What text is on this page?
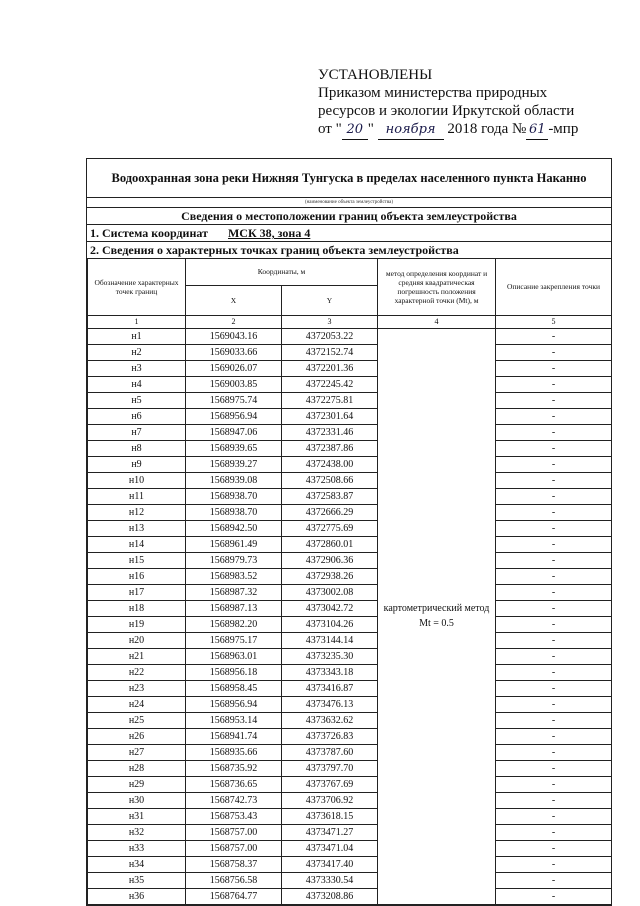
УСТАНОВЛЕНЫ
Приказом министерства природных
ресурсов и экологии Иркутской области
от " 20 " ноября 2018 года № 61 -мпр
Водоохранная зона реки Нижняя Тунгуска в пределах населенного пункта Наканно
(наименование объекта землеустройства)
Сведения о местоположении границ объекта землеустройства
1. Система координат МСК 38, зона 4
2. Сведения о характерных точках границ объекта землеустройства
Обозначение характерных точек границ	Координаты, м		метод определения координат и средняя квадратическая погрешность положения характерной точки (Mt), м	Описание закрепления точки
	X	Y		
1	2	3	4	5
н1	1569043.16	4372053.22	картометрический метод Mt = 0.5	-
н2	1569033.66	4372152.74		-
н3	1569026.07	4372201.36		-
н4	1569003.85	4372245.42		-
н5	1568975.74	4372275.81		-
н6	1568956.94	4372301.64		-
н7	1568947.06	4372331.46		-
н8	1568939.65	4372387.86		-
н9	1568939.27	4372438.00		-
н10	1568939.08	4372508.66		-
н11	1568938.70	4372583.87		-
н12	1568938.70	4372666.29		-
н13	1568942.50	4372775.69		-
н14	1568961.49	4372860.01		-
н15	1568979.73	4372906.36		-
н16	1568983.52	4372938.26		-
н17	1568987.32	4373002.08		-
н18	1568987.13	4373042.72		-
н19	1568982.20	4373104.26		-
н20	1568975.17	4373144.14		-
н21	1568963.01	4373235.30		-
н22	1568956.18	4373343.18		-
н23	1568958.45	4373416.87		-
н24	1568956.94	4373476.13		-
н25	1568953.14	4373632.62		-
н26	1568941.74	4373726.83		-
н27	1568935.66	4373787.60		-
н28	1568735.92	4373797.70		-
н29	1568736.65	4373767.69		-
н30	1568742.73	4373706.92		-
н31	1568753.43	4373618.15		-
н32	1568757.00	4373471.27		-
н33	1568757.00	4373471.04		-
н34	1568758.37	4373417.40		-
н35	1568756.58	4373330.54		-
н36	1568764.77	4373208.86		-
